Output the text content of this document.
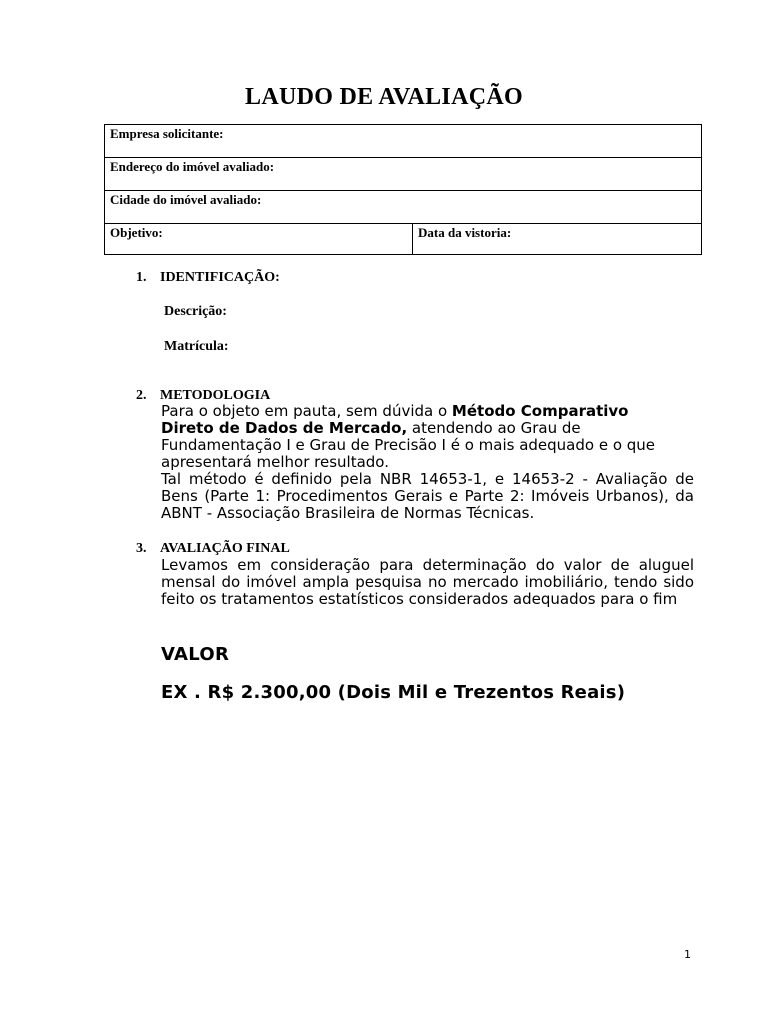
LAUDO DE AVALIAÇÃO
Empresa solicitante:
Endereço do imóvel avaliado:
Cidade do imóvel avaliado:
Objetivo:	Data da vistoria:
1. IDENTIFICAÇÃO:
Descrição:
Matrícula:
2. METODOLOGIA
Para o objeto em pauta, sem dúvida o Método Comparativo Direto de Dados de Mercado, atendendo ao Grau de Fundamentação I e Grau de Precisão I é o mais adequado e o que apresentará melhor resultado.
Tal método é definido pela NBR 14653-1, e 14653-2 - Avaliação de Bens (Parte 1: Procedimentos Gerais e Parte 2: Imóveis Urbanos), da ABNT - Associação Brasileira de Normas Técnicas.
3. AVALIAÇÃO FINAL
Levamos em consideração para determinação do valor de aluguel mensal do imóvel ampla pesquisa no mercado imobiliário, tendo sido feito os tratamentos estatísticos considerados adequados para o fim
VALOR
EX . R$ 2.300,00 (Dois Mil e Trezentos Reais)
1
